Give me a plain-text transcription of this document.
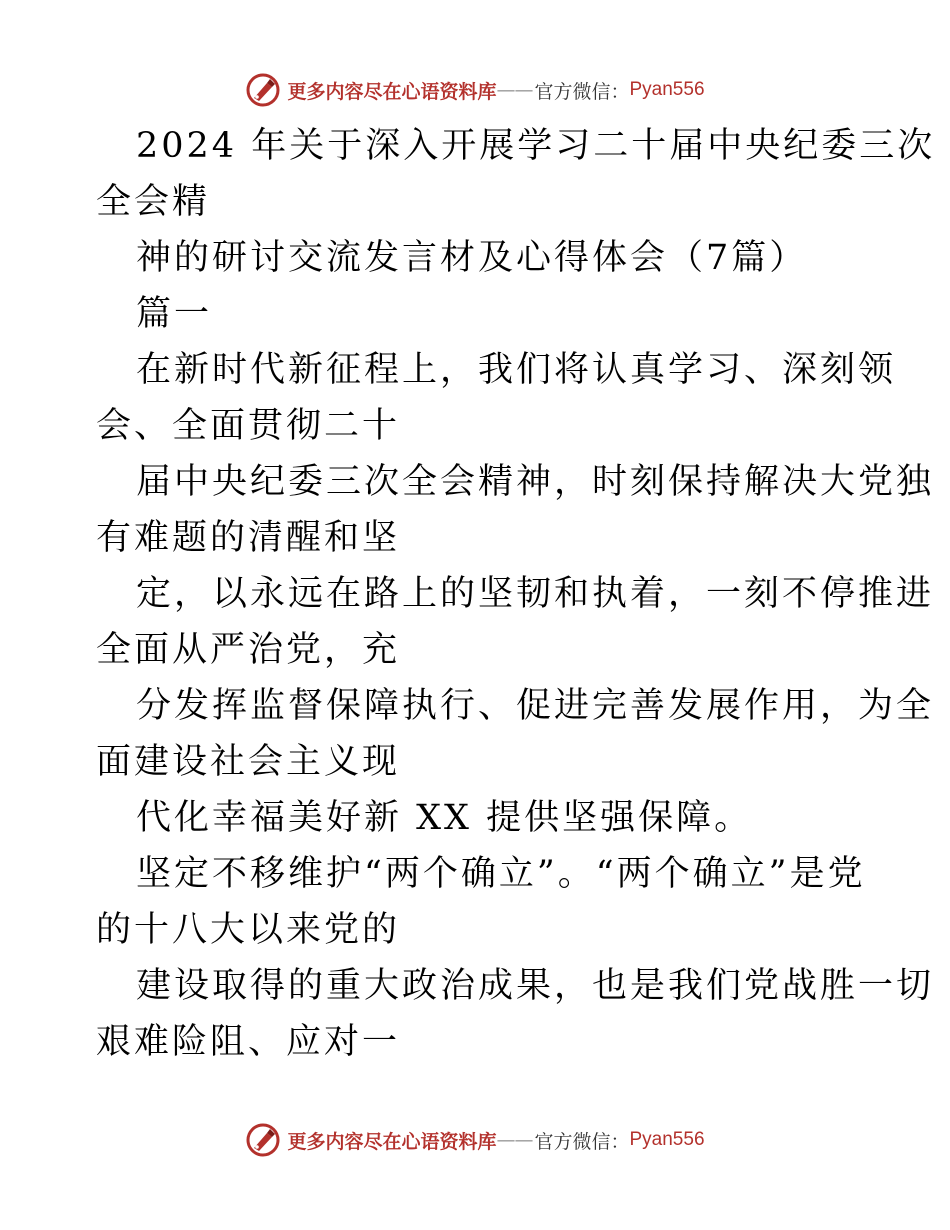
更多内容尽在心语资料库 —— 官方微信： Pyan556
2024 年关于深入开展学习二十届中央纪委三次
全会精
神的研讨交流发言材及心得体会（7篇）
篇一
在新时代新征程上，我们将认真学习、深刻领
会、全面贯彻二十
届中央纪委三次全会精神，时刻保持解决大党独
有难题的清醒和坚
定，以永远在路上的坚韧和执着，一刻不停推进
全面从严治党，充
分发挥监督保障执行、促进完善发展作用，为全
面建设社会主义现
代化幸福美好新 XX 提供坚强保障。
坚定不移维护“两个确立”。“两个确立”是党
的十八大以来党的
建设取得的重大政治成果，也是我们党战胜一切
艰难险阻、应对一
更多内容尽在心语资料库 —— 官方微信： Pyan556
